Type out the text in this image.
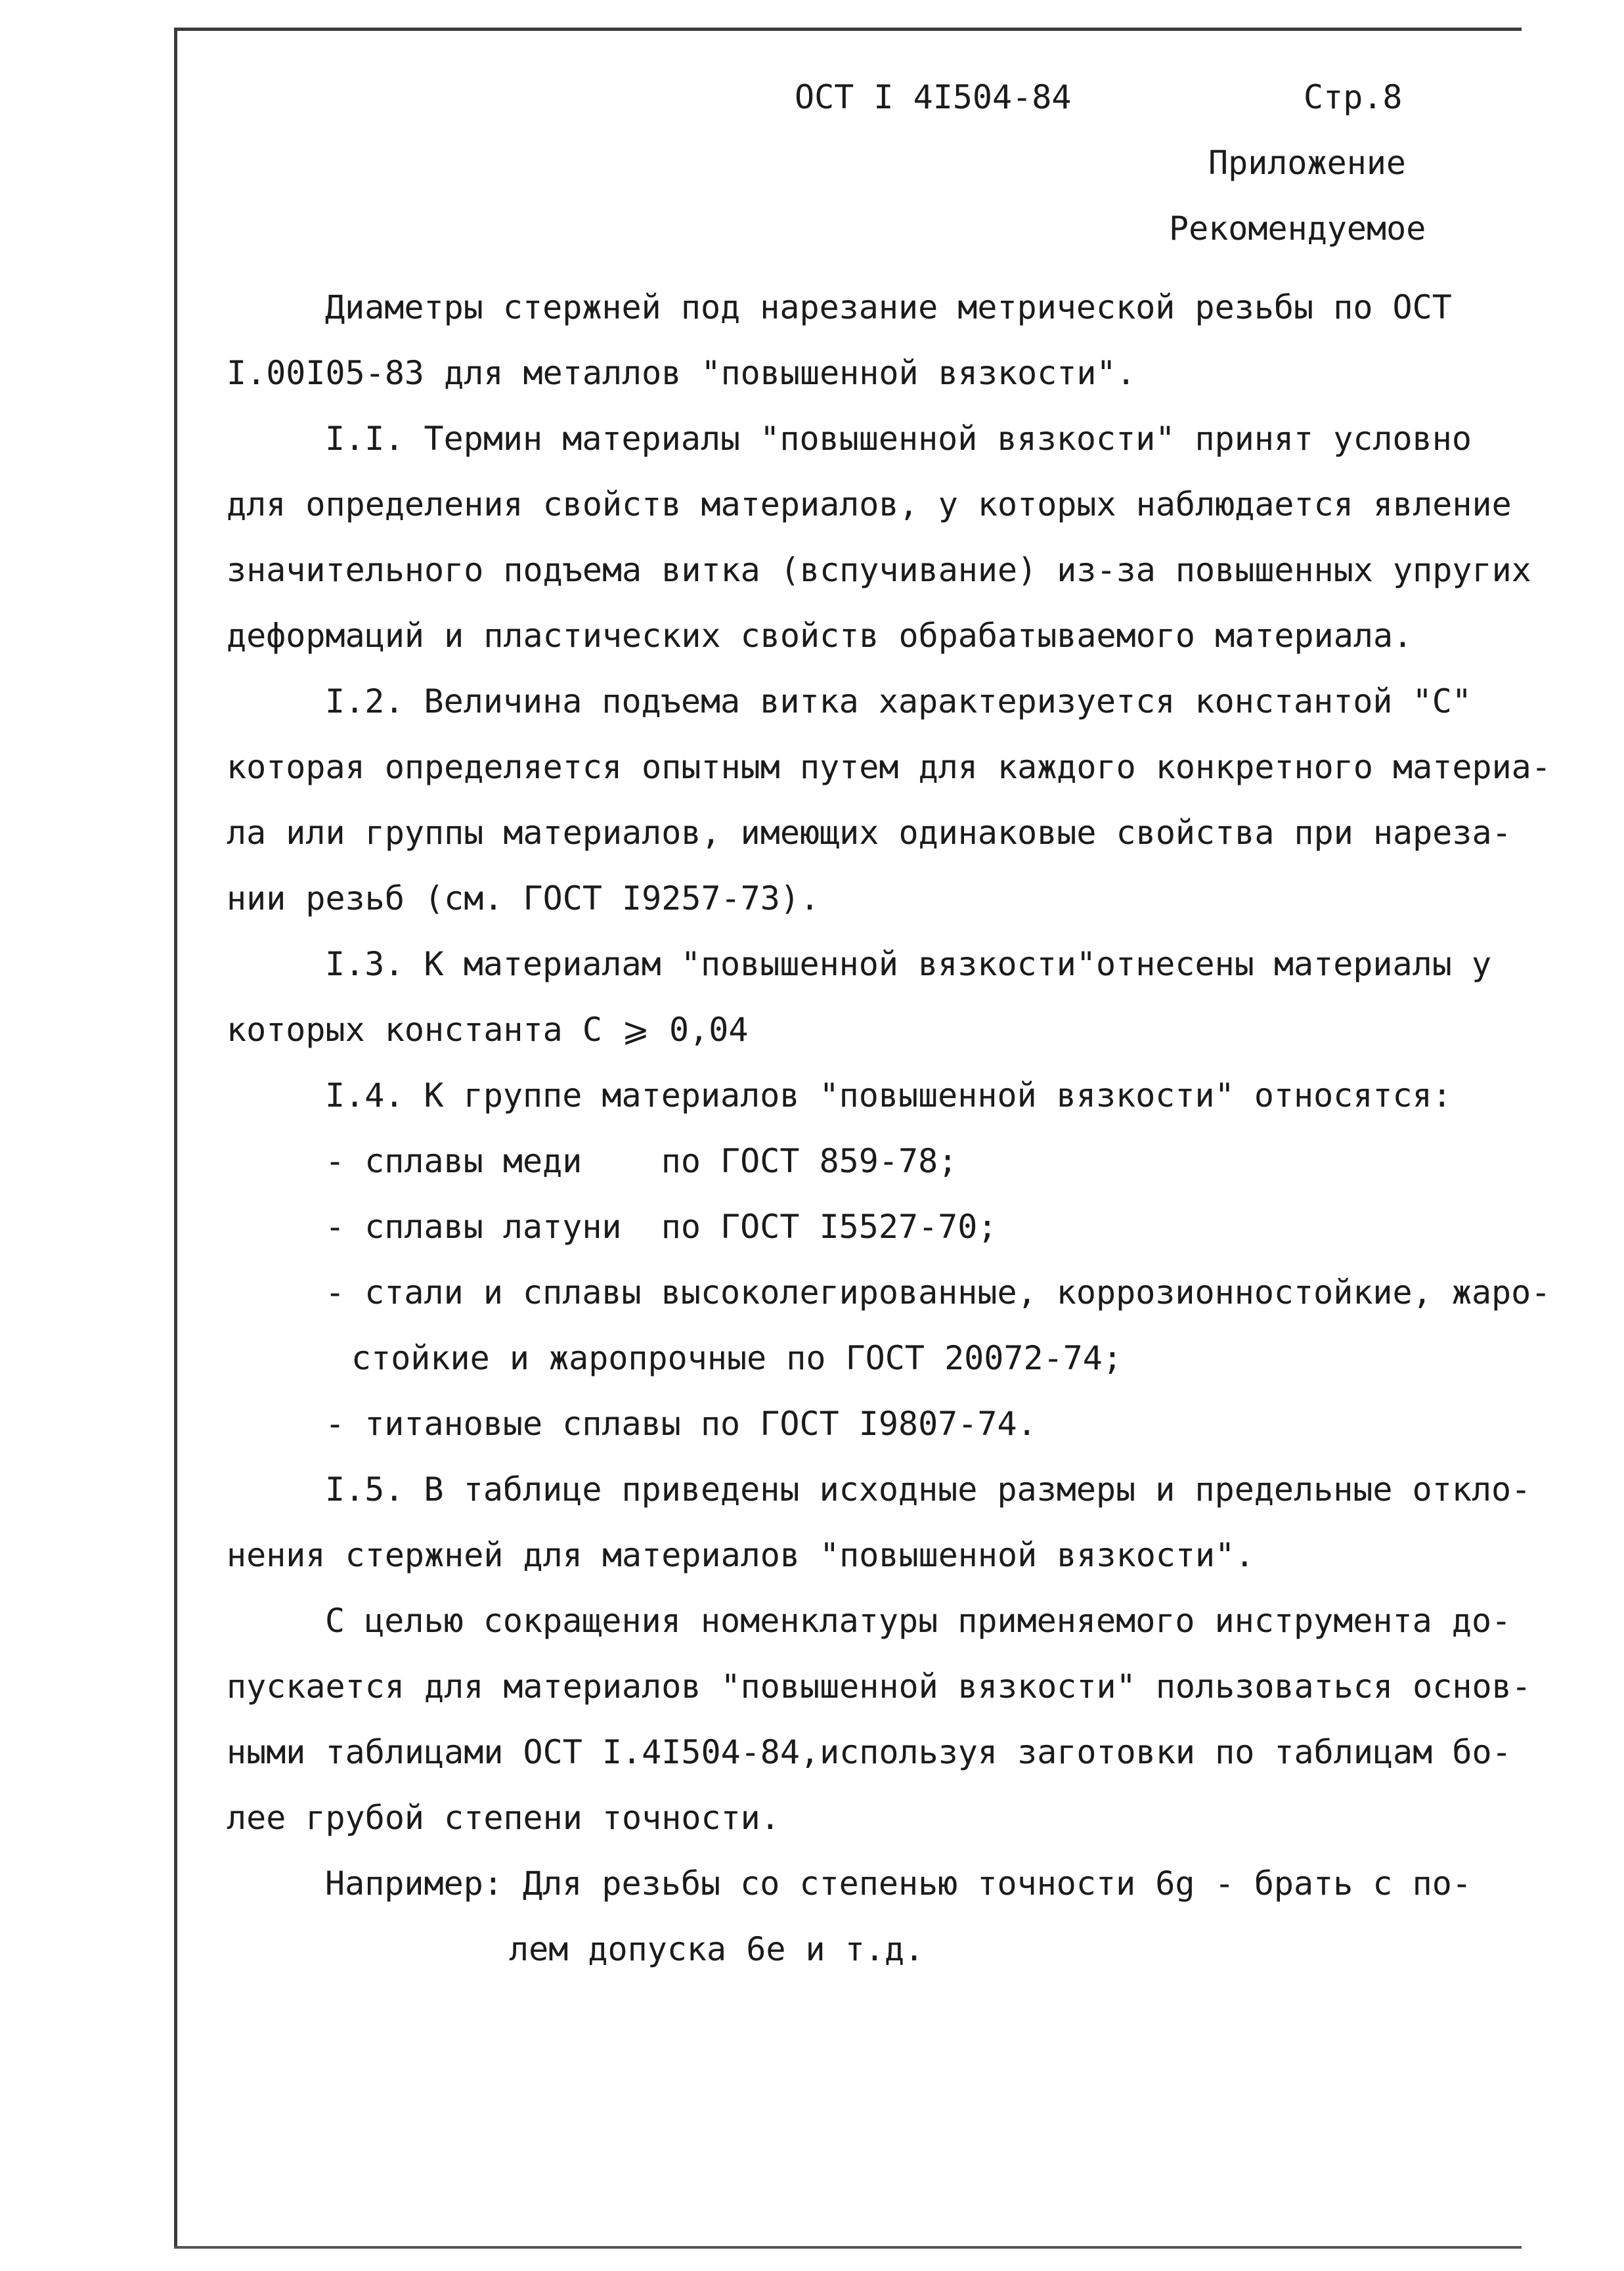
ОСТ I 4I504-84	Стр.8

Приложение

Рекомендуемое

Диаметры стержней под нарезание метрической резьбы по ОСТ

I.00I05-83 для металлов "повышенной вязкости".

I.I. Термин материалы "повышенной вязкости" принят условно

для определения свойств материалов, у которых наблюдается явление

значительного подъема витка (вспучивание) из-за повышенных упругих

деформаций и пластических свойств обрабатываемого материала.

I.2. Величина подъема витка характеризуется константой "С"

которая определяется опытным путем для каждого конкретного материа-

ла или группы материалов, имеющих одинаковые свойства при нареза-

нии резьб (см. ГОСТ I9257-73).

I.3. К материалам "повышенной вязкости"отнесены материалы у

которых константа С ⩾ 0,04

I.4. К группе материалов "повышенной вязкости" относятся:

- сплавы меди    по ГОСТ 859-78;

- сплавы латуни  по ГОСТ I5527-70;

- стали и сплавы высоколегированные, коррозионностойкие, жаро-

стойкие и жаропрочные по ГОСТ 20072-74;

- титановые сплавы по ГОСТ I9807-74.

I.5. В таблице приведены исходные размеры и предельные откло-

нения стержней для материалов "повышенной вязкости".

С целью сокращения номенклатуры применяемого инструмента до-

пускается для материалов "повышенной вязкости" пользоваться основ-

ными таблицами ОСТ I.4I504-84,используя заготовки по таблицам бо-

лее грубой степени точности.

Например: Для резьбы со степенью точности 6g - брать с по-

лем допуска 6е и т.д.
